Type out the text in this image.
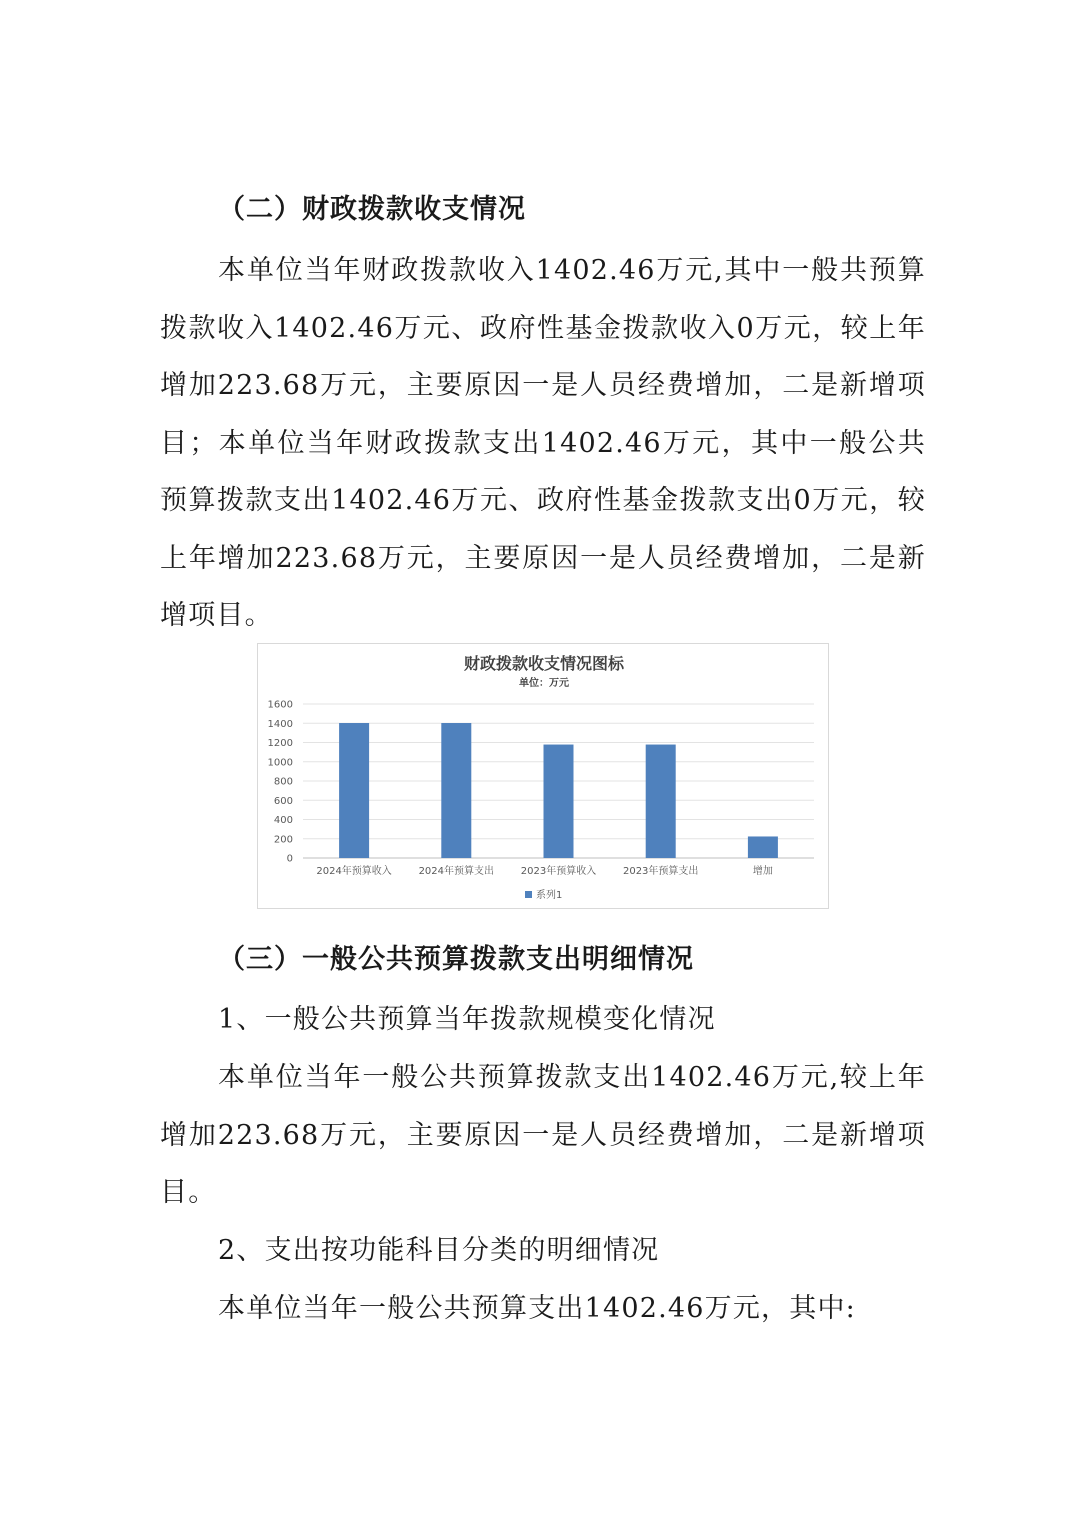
（二）财政拨款收支情况
本单位当年财政拨款收入1402.46万元,其中一般共预算拨款收入1402.46万元、政府性基金拨款收入0万元，较上年增加223.68万元，主要原因一是人员经费增加，二是新增项目；本单位当年财政拨款支出1402.46万元，其中一般公共预算拨款支出1402.46万元、政府性基金拨款支出0万元，较上年增加223.68万元，主要原因一是人员经费增加，二是新增项目。
财政拨款收支情况图标
单位：万元
0
200
400
600
800
1000
1200
1400
1600
2024年预算收入	2024年预算支出	2023年预算收入	2023年预算支出	增加
系列1
（三）一般公共预算拨款支出明细情况
1、一般公共预算当年拨款规模变化情况
本单位当年一般公共预算拨款支出1402.46万元,较上年增加223.68万元，主要原因一是人员经费增加，二是新增项目。
2、支出按功能科目分类的明细情况
本单位当年一般公共预算支出1402.46万元，其中:
